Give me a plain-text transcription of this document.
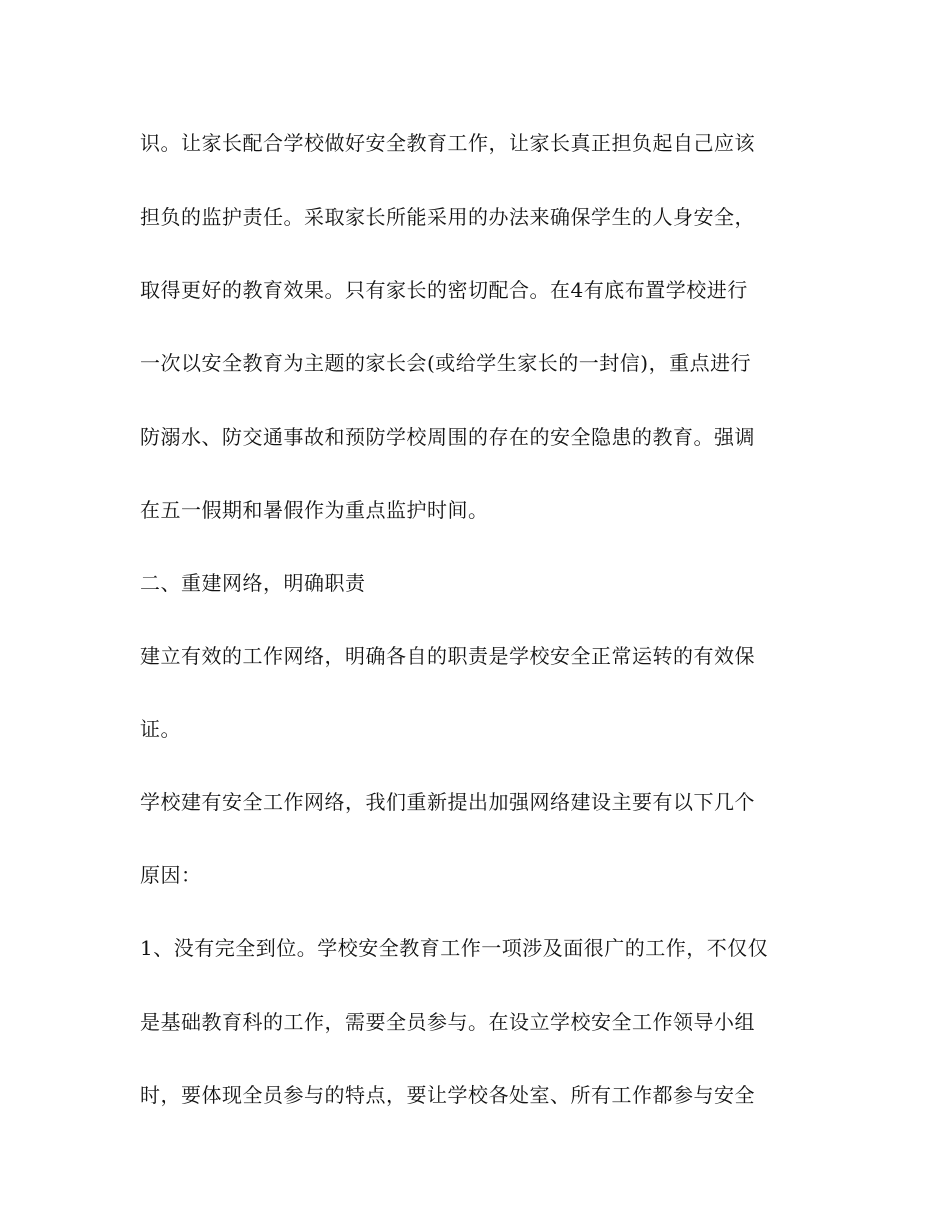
识。让家长配合学校做好安全教育工作，让家长真正担负起自己应该
担负的监护责任。采取家长所能采用的办法来确保学生的人身安全，
取得更好的教育效果。只有家长的密切配合。在4有底布置学校进行
一次以安全教育为主题的家长会(或给学生家长的一封信)，重点进行
防溺水、防交通事故和预防学校周围的存在的安全隐患的教育。强调
在五一假期和暑假作为重点监护时间。
二、重建网络，明确职责
建立有效的工作网络，明确各自的职责是学校安全正常运转的有效保
证。
学校建有安全工作网络，我们重新提出加强网络建设主要有以下几个
原因：
1、没有完全到位。学校安全教育工作一项涉及面很广的工作，不仅仅
是基础教育科的工作，需要全员参与。在设立学校安全工作领导小组
时，要体现全员参与的特点，要让学校各处室、所有工作都参与安全
